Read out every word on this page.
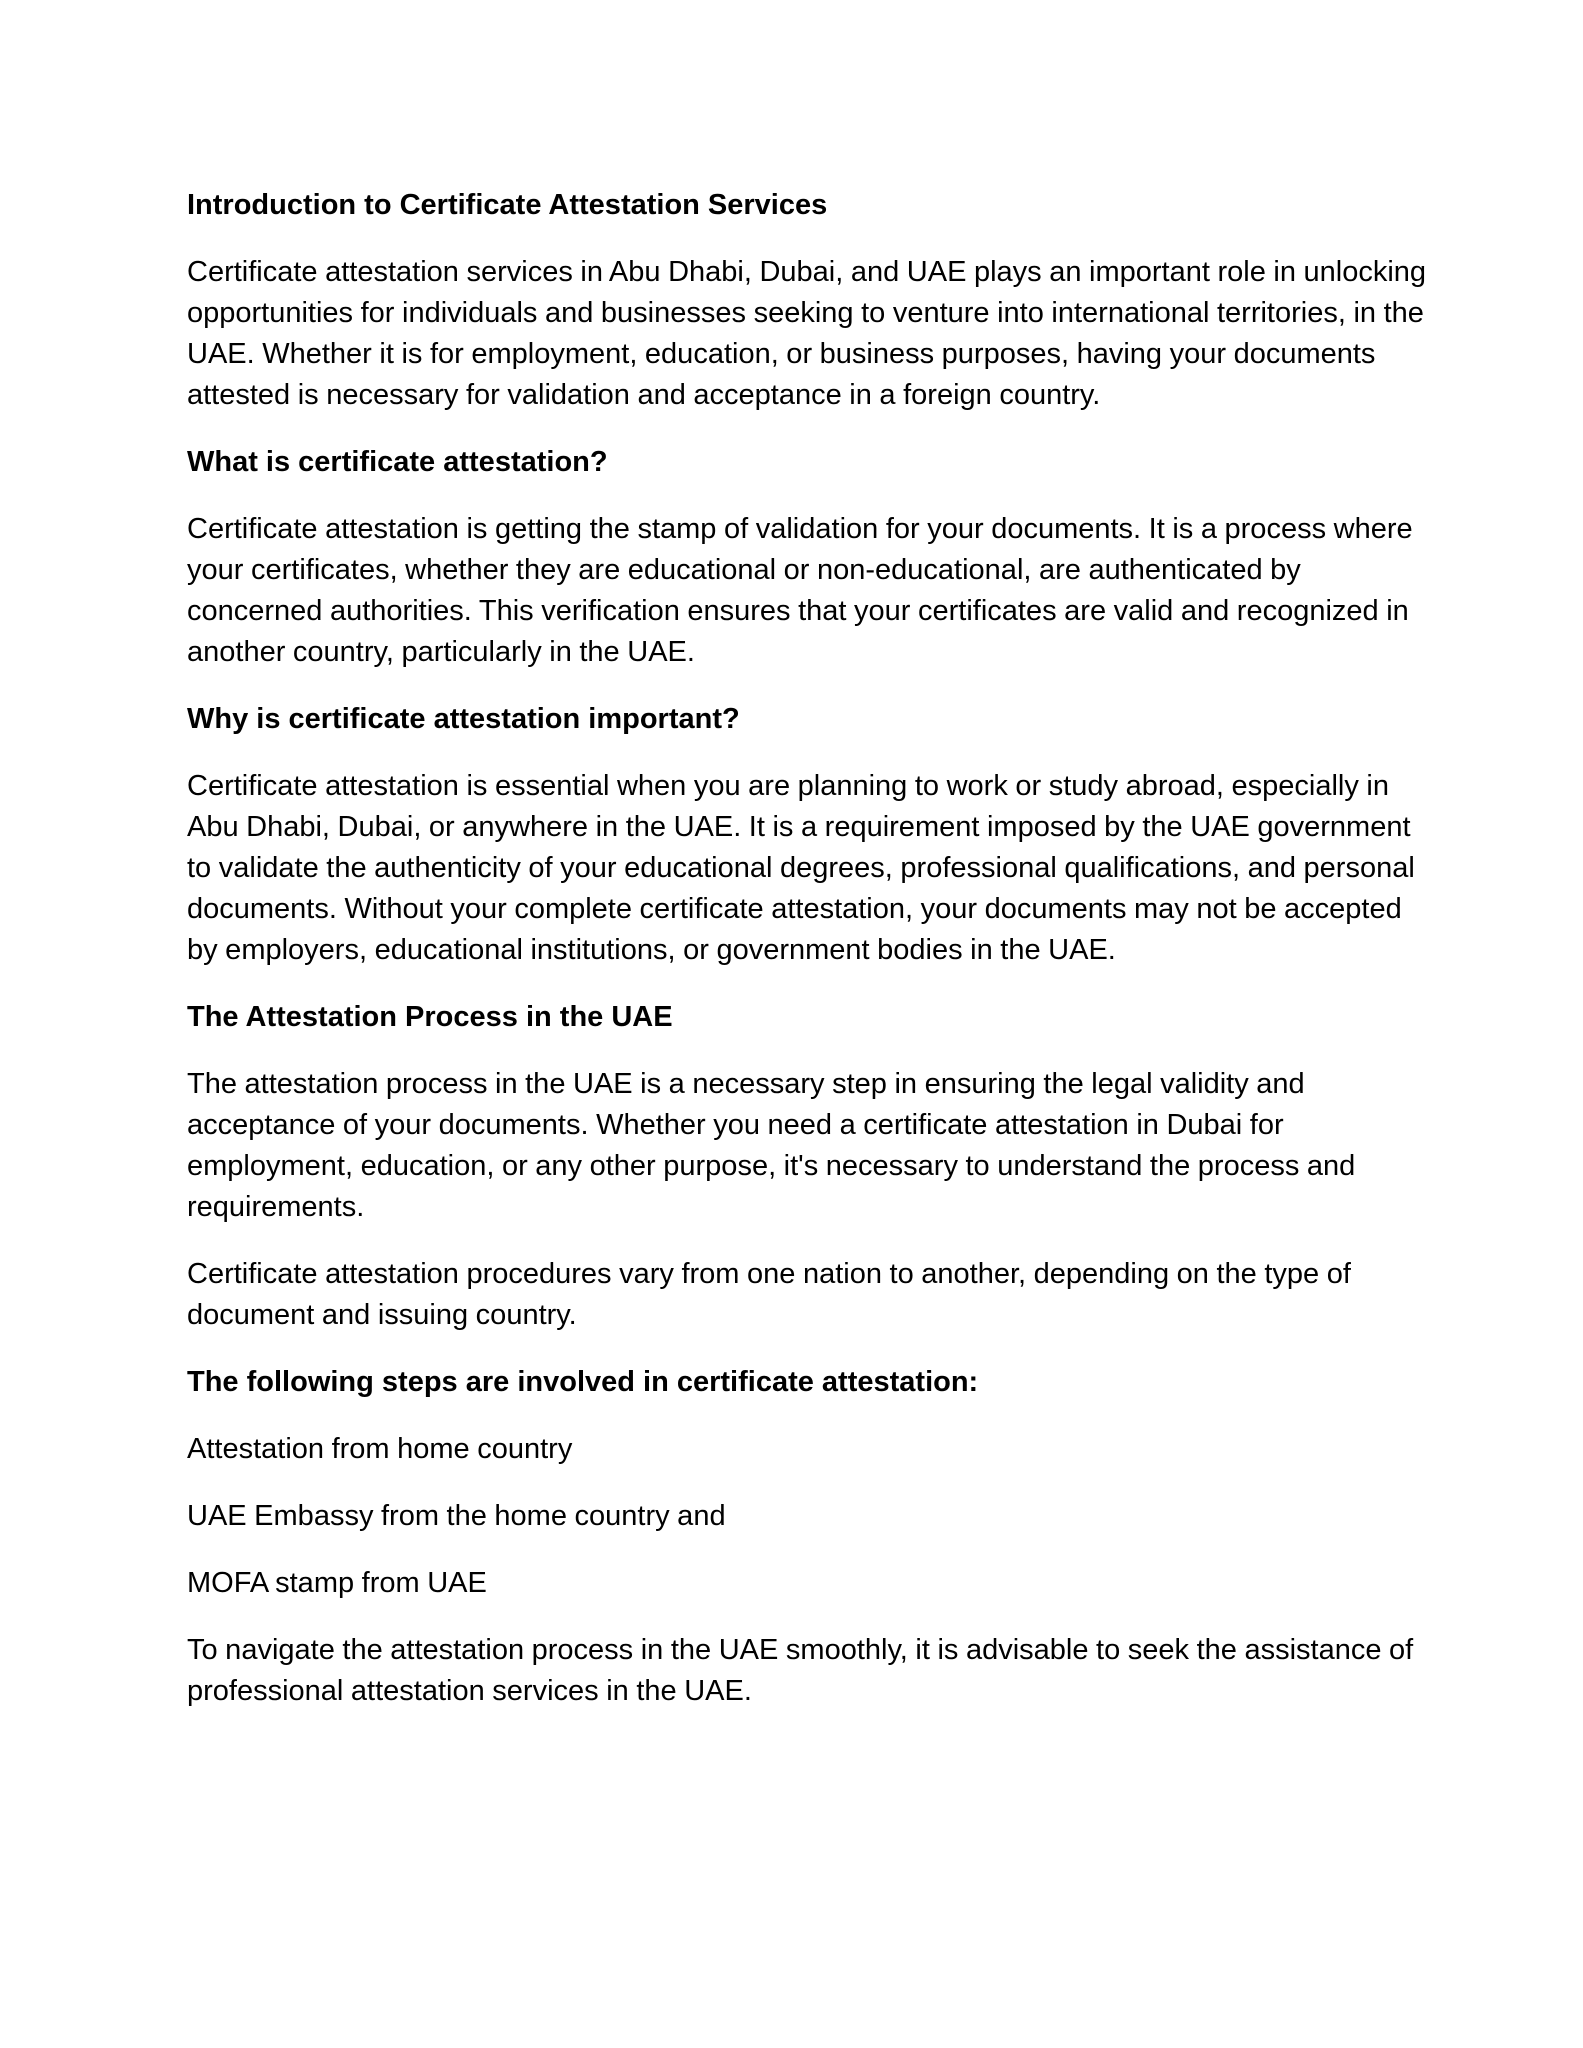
Introduction to Certificate Attestation Services
Certificate attestation services in Abu Dhabi, Dubai, and UAE plays an important role in unlocking opportunities for individuals and businesses seeking to venture into international territories, in the UAE. Whether it is for employment, education, or business purposes, having your documents attested is necessary for validation and acceptance in a foreign country.
What is certificate attestation?
Certificate attestation is getting the stamp of validation for your documents. It is a process where your certificates, whether they are educational or non-educational, are authenticated by concerned authorities. This verification ensures that your certificates are valid and recognized in another country, particularly in the UAE.
Why is certificate attestation important?
Certificate attestation is essential when you are planning to work or study abroad, especially in Abu Dhabi, Dubai, or anywhere in the UAE. It is a requirement imposed by the UAE government to validate the authenticity of your educational degrees, professional qualifications, and personal documents. Without your complete certificate attestation, your documents may not be accepted by employers, educational institutions, or government bodies in the UAE.
The Attestation Process in the UAE
The attestation process in the UAE is a necessary step in ensuring the legal validity and acceptance of your documents. Whether you need a certificate attestation in Dubai for employment, education, or any other purpose, it's necessary to understand the process and requirements.
Certificate attestation procedures vary from one nation to another, depending on the type of document and issuing country.
The following steps are involved in certificate attestation:
Attestation from home country
UAE Embassy from the home country and
MOFA stamp from UAE
To navigate the attestation process in the UAE smoothly, it is advisable to seek the assistance of professional attestation services in the UAE.
